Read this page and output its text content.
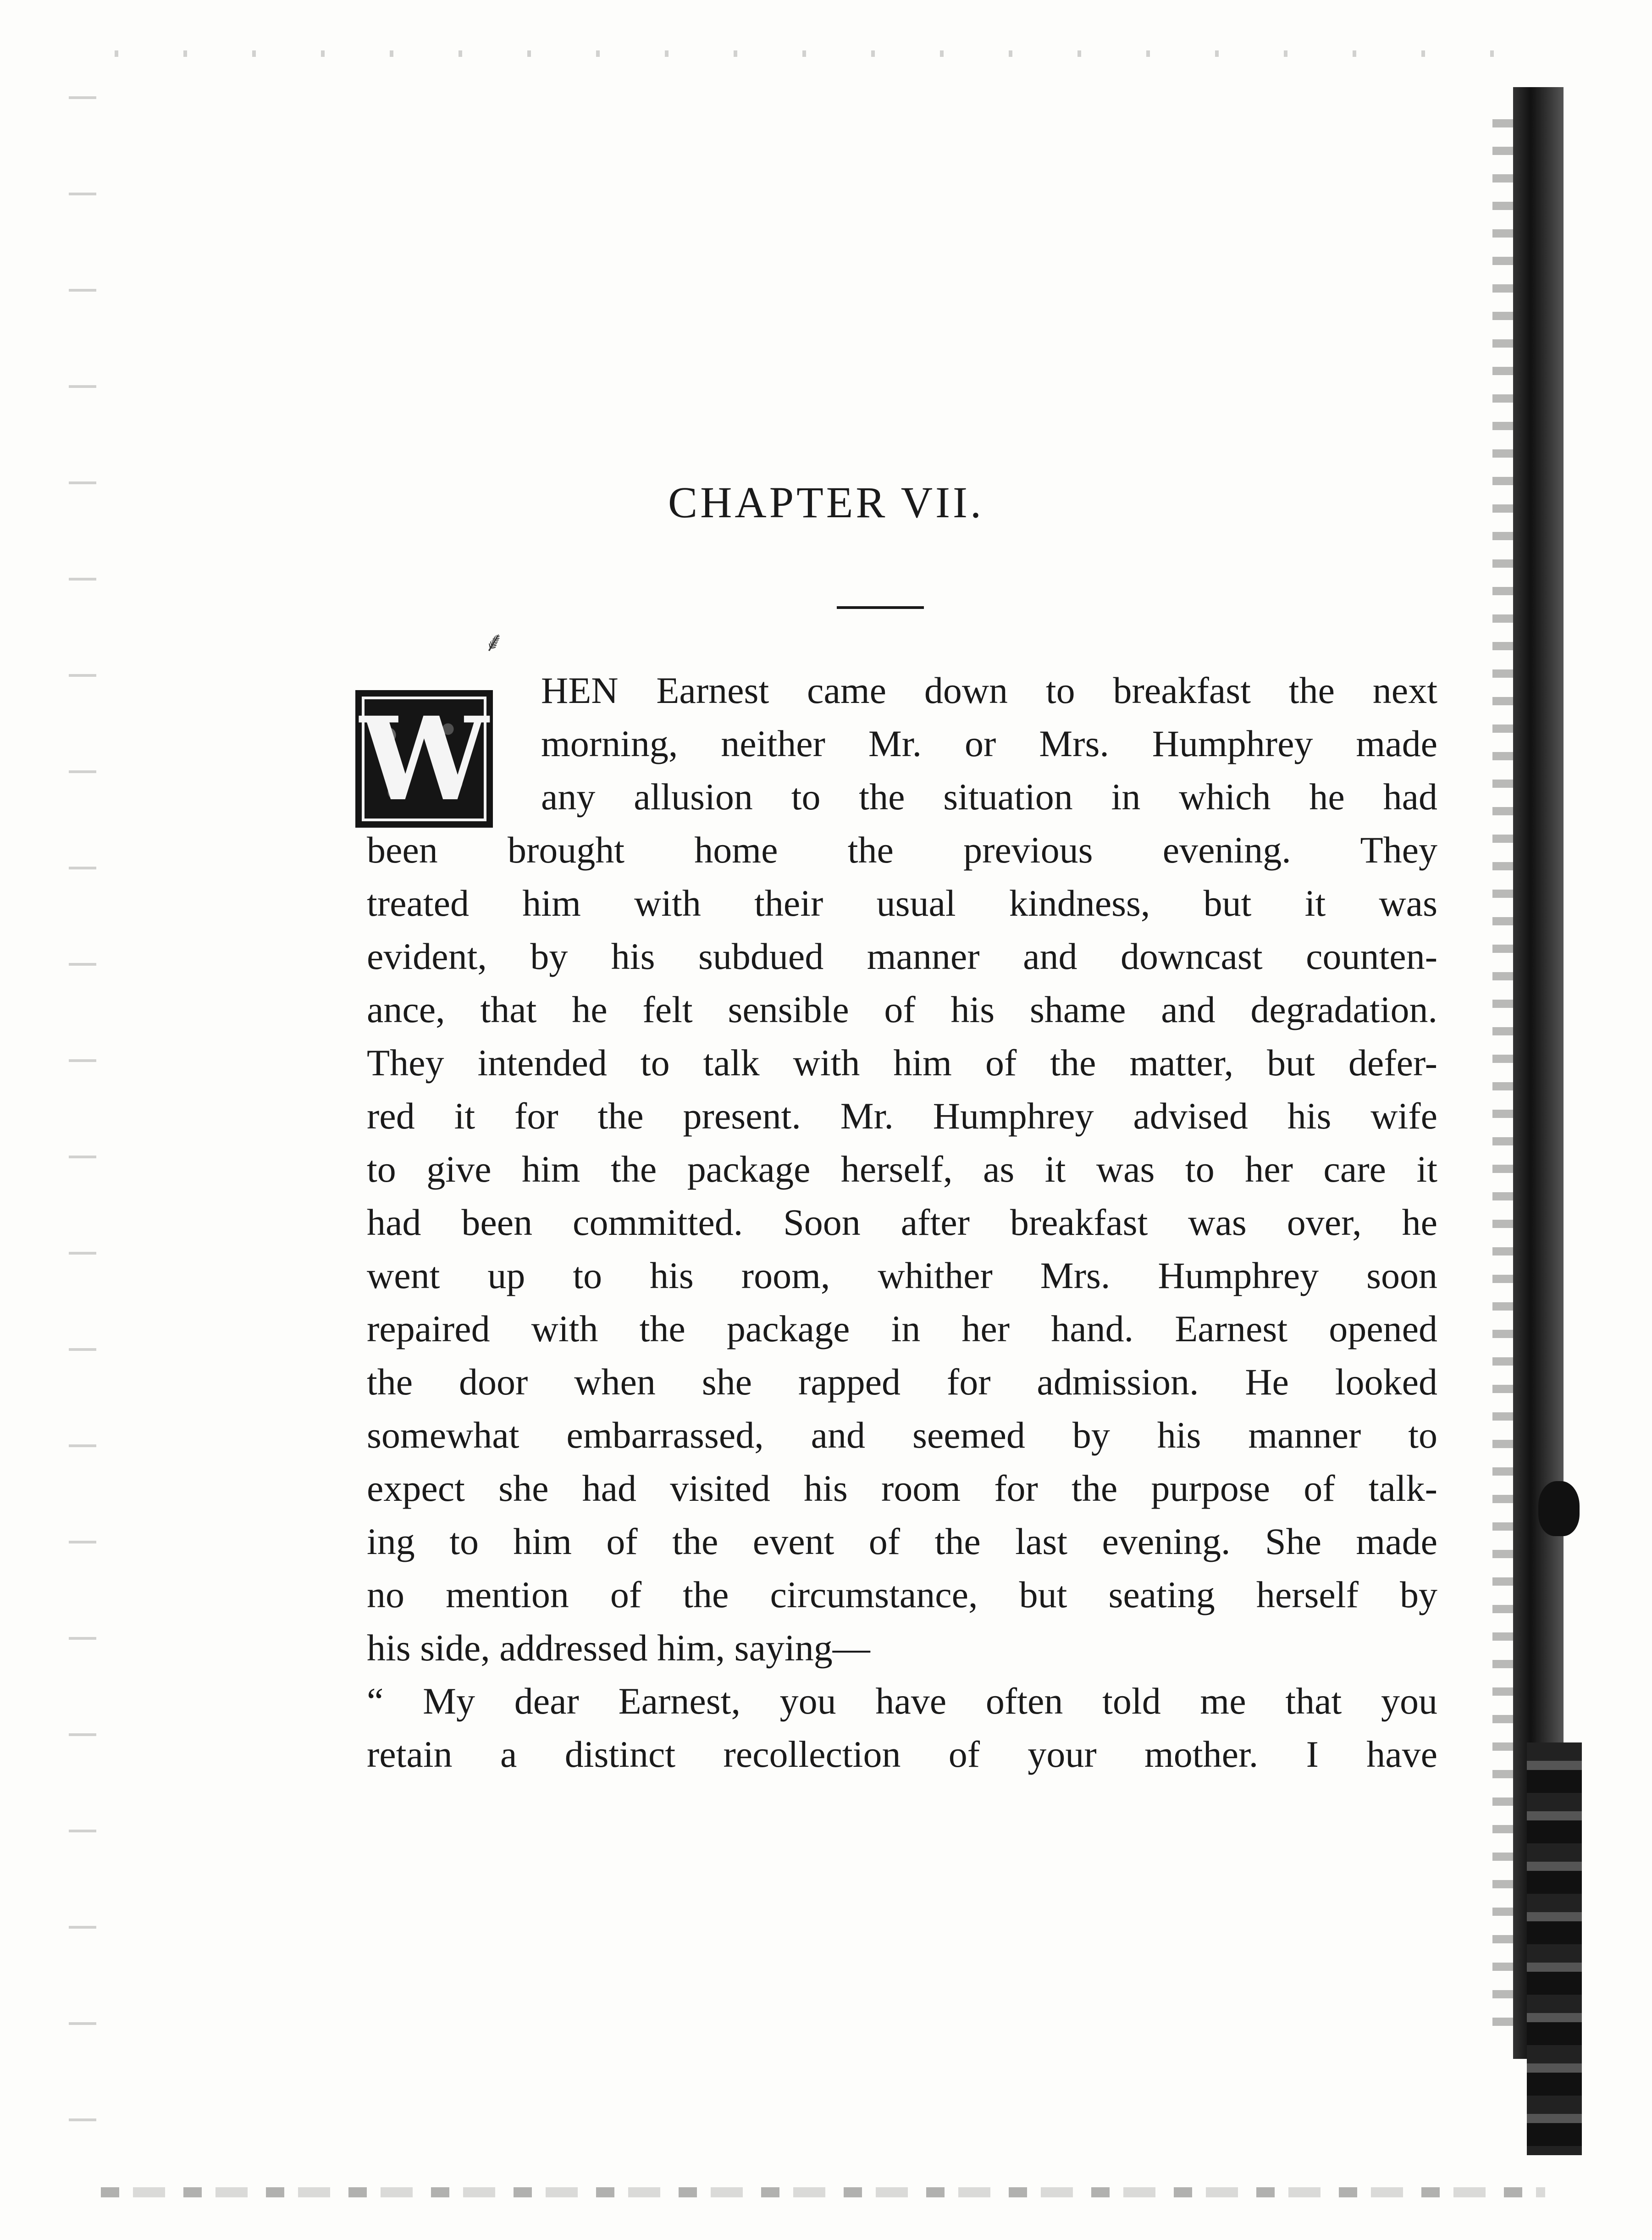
CHAPTER VII.
⸙
W
HEN Earnest came down to breakfast the next
morning, neither Mr. or Mrs. Humphrey made
any allusion to the situation in which he had
been brought home the previous evening. They
treated him with their usual kindness, but it was
evident, by his subdued manner and downcast counten-
ance, that he felt sensible of his shame and degradation.
They intended to talk with him of the matter, but defer-
red it for the present. Mr. Humphrey advised his wife
to give him the package herself, as it was to her care it
had been committed. Soon after breakfast was over, he
went up to his room, whither Mrs. Humphrey soon
repaired with the package in her hand. Earnest opened
the door when she rapped for admission. He looked
somewhat embarrassed, and seemed by his manner to
expect she had visited his room for the purpose of talk-
ing to him of the event of the last evening. She made
no mention of the circumstance, but seating herself by
his side, addressed him, saying—
“ My dear Earnest, you have often told me that you
retain a distinct recollection of your mother. I have
